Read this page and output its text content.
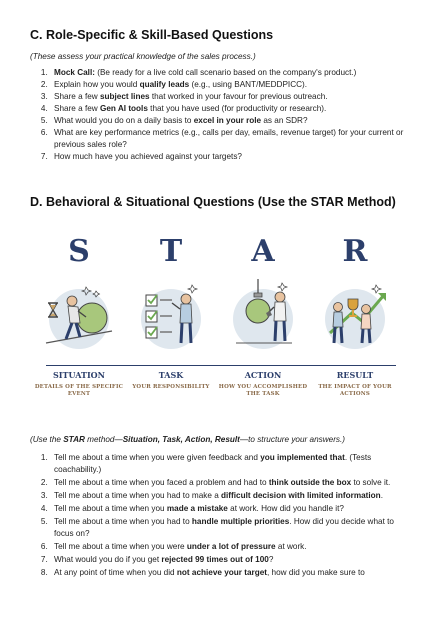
C. Role-Specific & Skill-Based Questions

(These assess your practical knowledge of the sales process.)

1. Mock Call: (Be ready for a live cold call scenario based on the company's product.)
2. Explain how you would qualify leads (e.g., using BANT/MEDDPICC).
3. Share a few subject lines that worked in your favour for previous outreach.
4. Share a few Gen AI tools that you have used (for productivity or research).
5. What would you do on a daily basis to excel in your role as an SDR?
6. What are key performance metrics (e.g., calls per day, emails, revenue target) for your current or previous sales role?
7. How much have you achieved against your targets?
D. Behavioral & Situational Questions (Use the STAR Method)
S
SITUATION
DETAILS OF THE SPECIFIC EVENT
T
TASK
YOUR RESPONSIBILITY
A
ACTION
HOW YOU ACCOMPLISHED THE TASK
R
RESULT
THE IMPACT OF YOUR ACTIONS

(Use the STAR method—Situation, Task, Action, Result—to structure your answers.)

1. Tell me about a time when you were given feedback and you implemented that. (Tests coachability.)
2. Tell me about a time when you faced a problem and had to think outside the box to solve it.
3. Tell me about a time when you had to make a difficult decision with limited information.
4. Tell me about a time when you made a mistake at work. How did you handle it?
5. Tell me about a time when you had to handle multiple priorities. How did you decide what to focus on?
6. Tell me about a time when you were under a lot of pressure at work.
7. What would you do if you get rejected 99 times out of 100?
8. At any point of time when you did not achieve your target, how did you make sure to
